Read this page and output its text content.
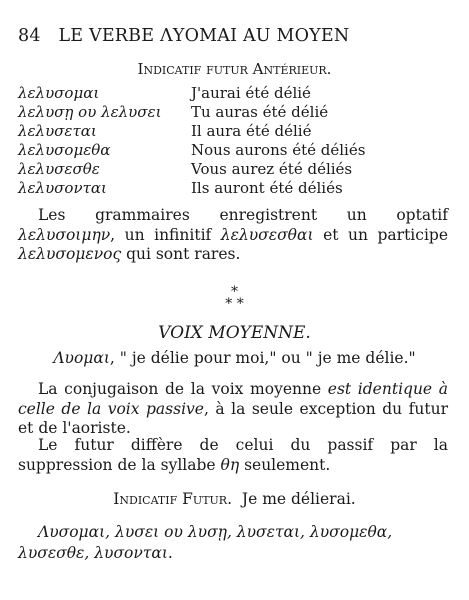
84 LE VERBE ΛΥΟΜΑΙ AU MOYEN
Indicatif futur Antérieur.
λελυσομαι	J'aurai été délié
λελυσῃ ου λελυσει	Tu auras été délié
λελυσεται	Il aura été délié
λελυσομεθα	Nous aurons été déliés
λελυσεσθε	Vous aurez été déliés
λελυσονται	Ils auront été déliés
Les grammaires enregistrent un optatif λελυσοιμην, un infinitif λελυσεσθαι et un participe λελυσομενος qui sont rares.
*
* *
VOIX MOYENNE.
Λυομαι, " je délie pour moi," ou " je me délie."
La conjugaison de la voix moyenne est identique à celle de la voix passive, à la seule exception du futur et de l'aoriste.
Le futur diffère de celui du passif par la suppression de la syllabe θη seulement.
Indicatif Futur. Je me délierai.
Λυσομαι, λυσει ου λυσῃ, λυσεται, λυσομεθα, λυσεσθε, λυσονται.
